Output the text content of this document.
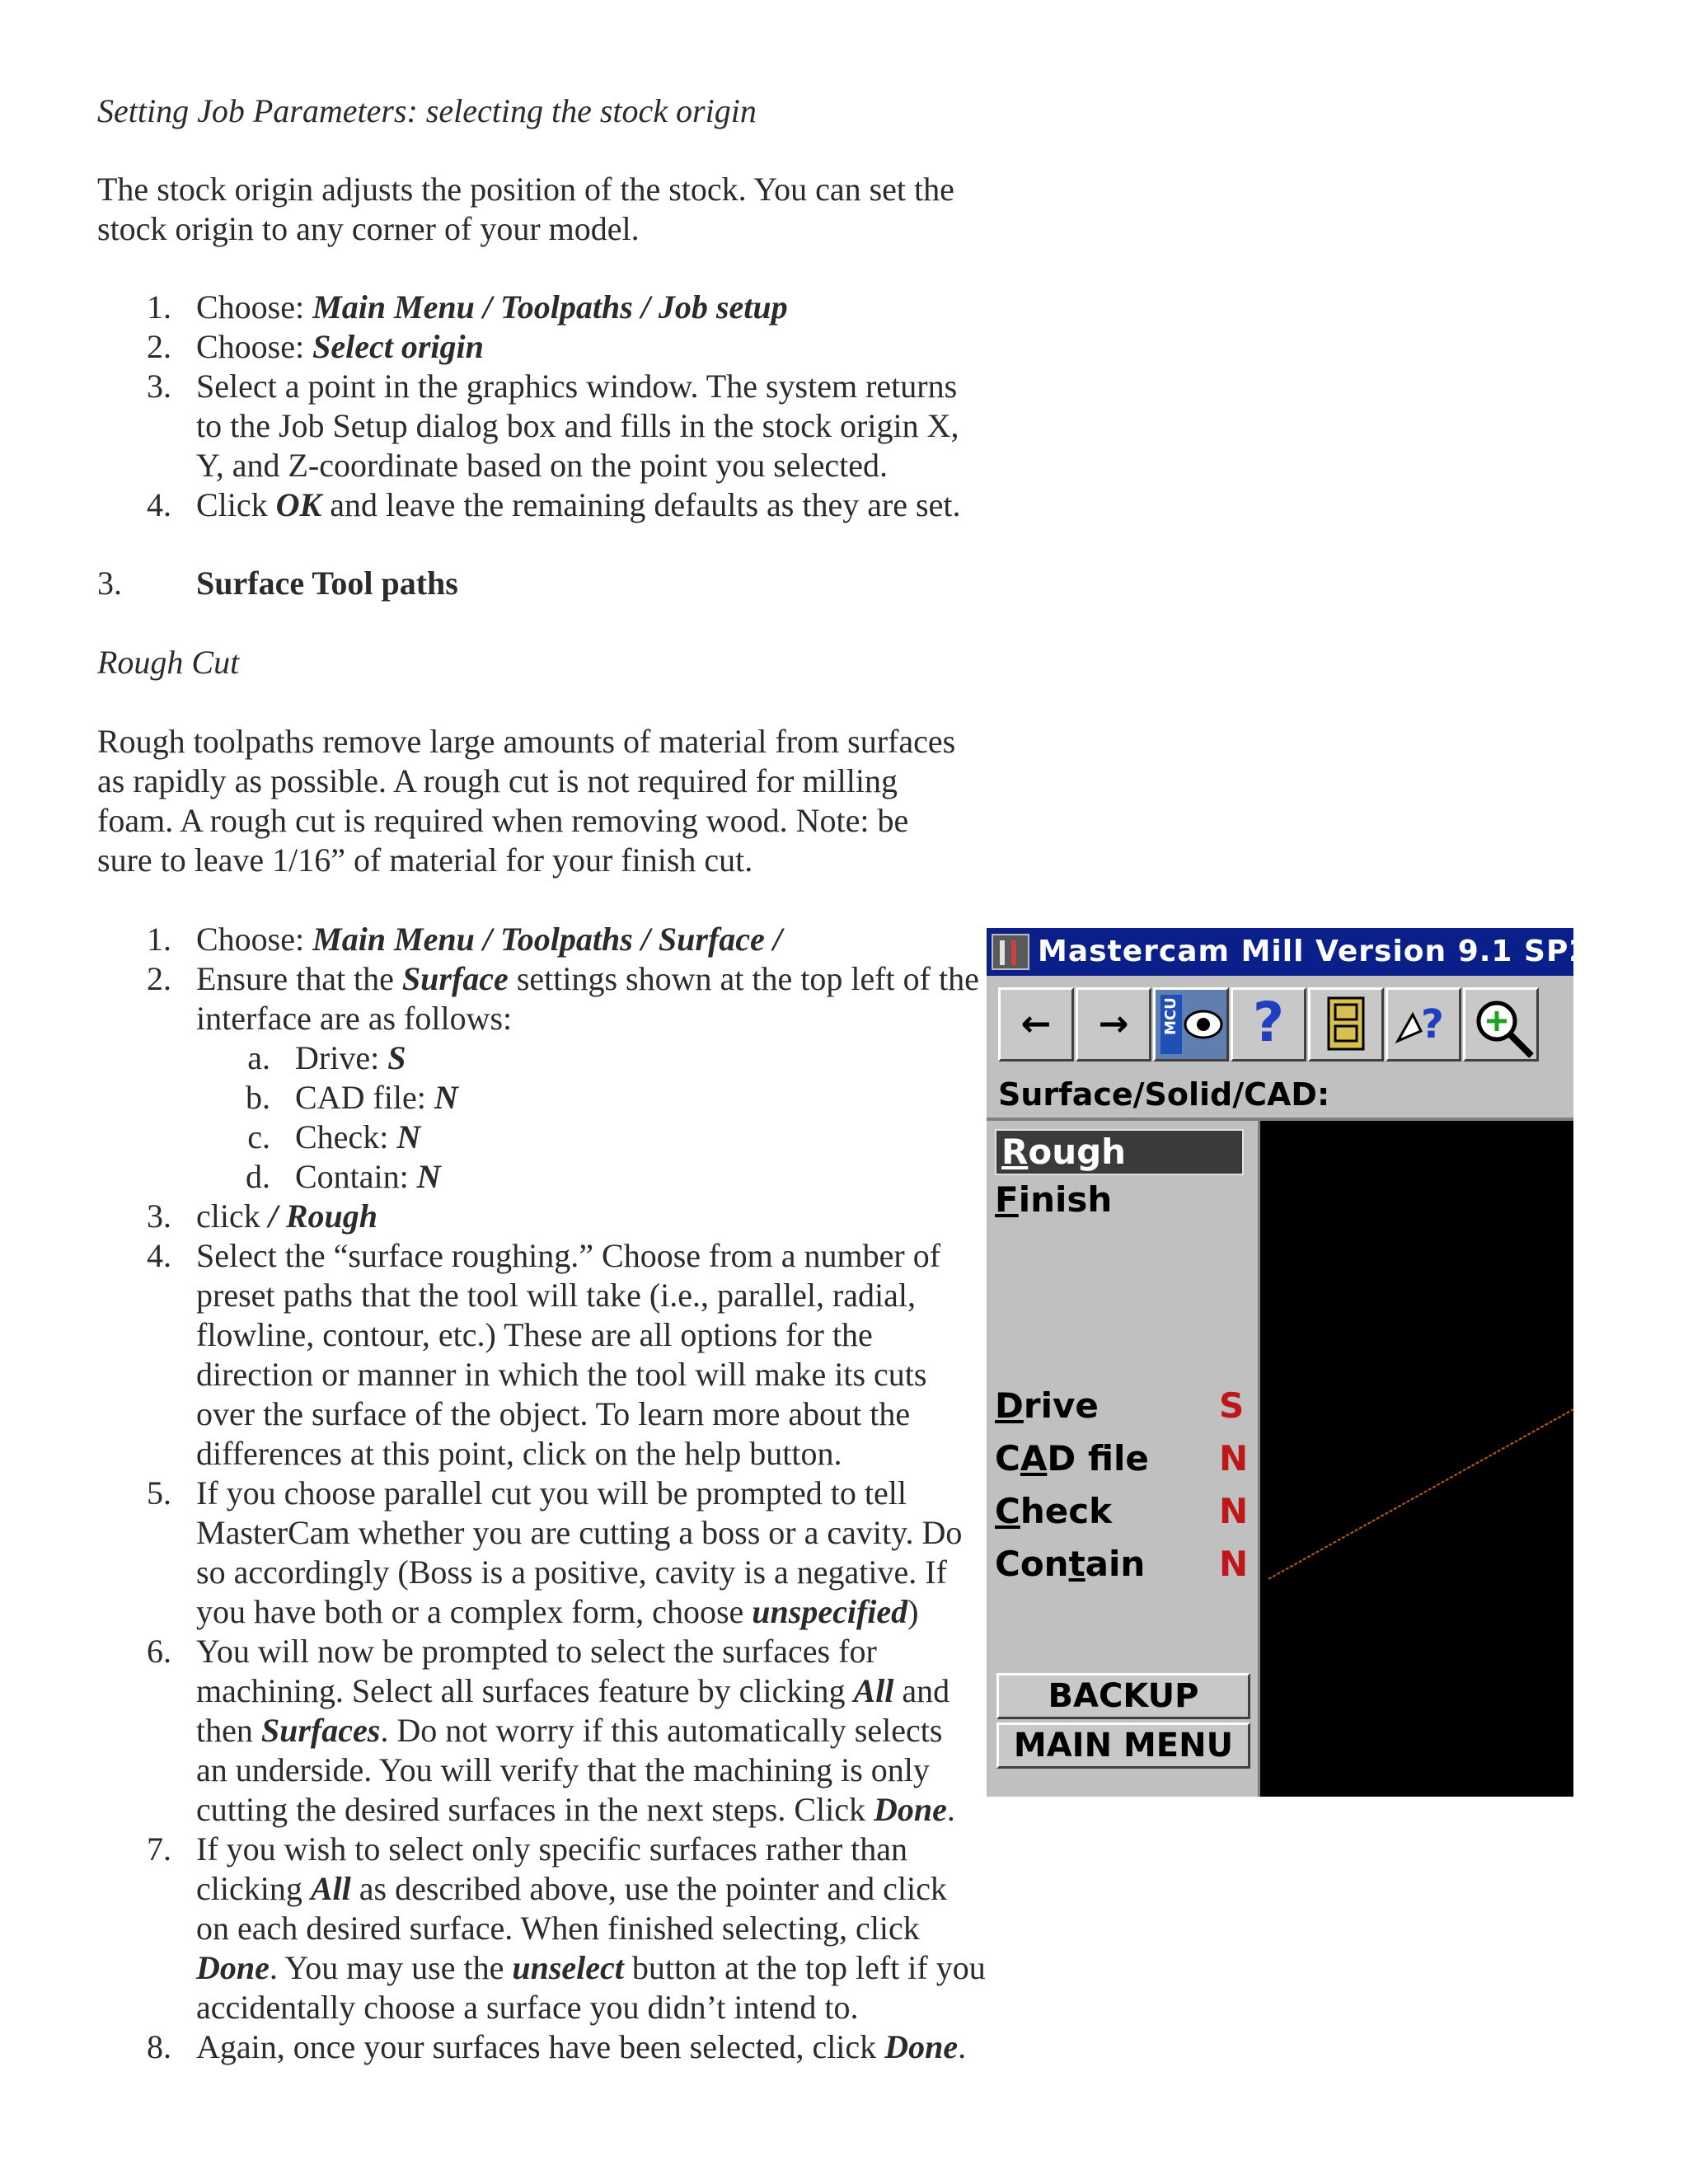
Setting Job Parameters: selecting the stock origin
The stock origin adjusts the position of the stock. You can set the
stock origin to any corner of your model.
1. Choose: Main Menu / Toolpaths / Job setup
2. Choose: Select origin
3. Select a point in the graphics window. The system returns
to the Job Setup dialog box and fills in the stock origin X,
Y, and Z-coordinate based on the point you selected.
4. Click OK and leave the remaining defaults as they are set.
3. Surface Tool paths
Rough Cut
Rough toolpaths remove large amounts of material from surfaces
as rapidly as possible. A rough cut is not required for milling
foam. A rough cut is required when removing wood. Note: be
sure to leave 1/16” of material for your finish cut.
1. Choose: Main Menu / Toolpaths / Surface /
2. Ensure that the Surface settings shown at the top left of the
interface are as follows:
a. Drive: S
b. CAD file: N
c. Check: N
d. Contain: N
3. click / Rough
4. Select the “surface roughing.” Choose from a number of
preset paths that the tool will take (i.e., parallel, radial,
flowline, contour, etc.) These are all options for the
direction or manner in which the tool will make its cuts
over the surface of the object. To learn more about the
differences at this point, click on the help button.
5. If you choose parallel cut you will be prompted to tell
MasterCam whether you are cutting a boss or a cavity. Do
so accordingly (Boss is a positive, cavity is a negative. If
you have both or a complex form, choose unspecified)
6. You will now be prompted to select the surfaces for
machining. Select all surfaces feature by clicking All and
then Surfaces. Do not worry if this automatically selects
an underside. You will verify that the machining is only
cutting the desired surfaces in the next steps. Click Done.
7. If you wish to select only specific surfaces rather than
clicking All as described above, use the pointer and click
on each desired surface. When finished selecting, click
Done. You may use the unselect button at the top left if you
accidentally choose a surface you didn’t intend to.
8. Again, once your surfaces have been selected, click Done.
Mastercam Mill Version 9.1 SP2 - C:
←	→	MCU	?	?
Surface/Solid/CAD:
Rough
Finish
Drive	S
CAD file N
Check	N
Contain N
BACKUP
MAIN MENU
